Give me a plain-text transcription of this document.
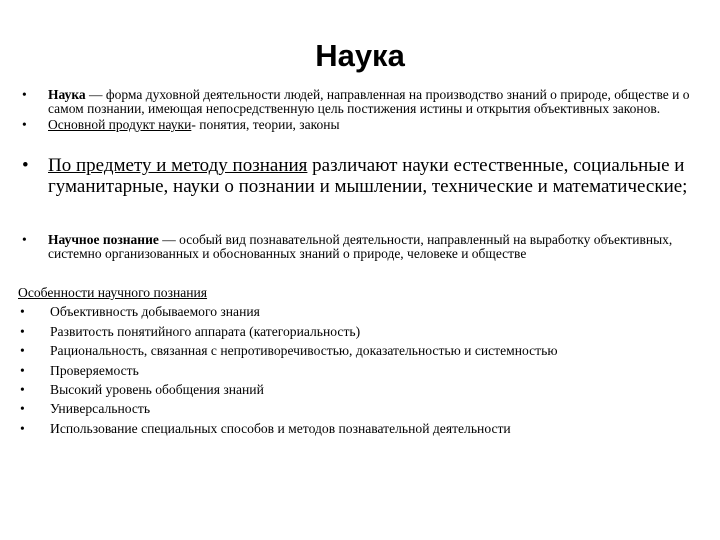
Наука
• Наука — форма духовной деятельности людей, направленная на производство знаний о природе, обществе и о самом познании, имеющая непосредственную цель постижения истины и открытия объективных законов.
• Основной продукт науки- понятия, теории, законы
• По предмету и методу познания различают науки естественные, социальные и гуманитарные, науки о познании и мышлении, технические и математические;
• Научное познание — особый вид познавательной деятельности, направленный на выработку объективных, системно организованных и обоснованных знаний о природе, человеке и обществе
Особенности научного познания
• Объективность добываемого знания
• Развитость понятийного аппарата (категориальность)
• Рациональность, связанная с непротиворечивостью, доказательностью и системностью
• Проверяемость
• Высокий уровень обобщения знаний
• Универсальность
• Использование специальных способов и методов познавательной деятельности
